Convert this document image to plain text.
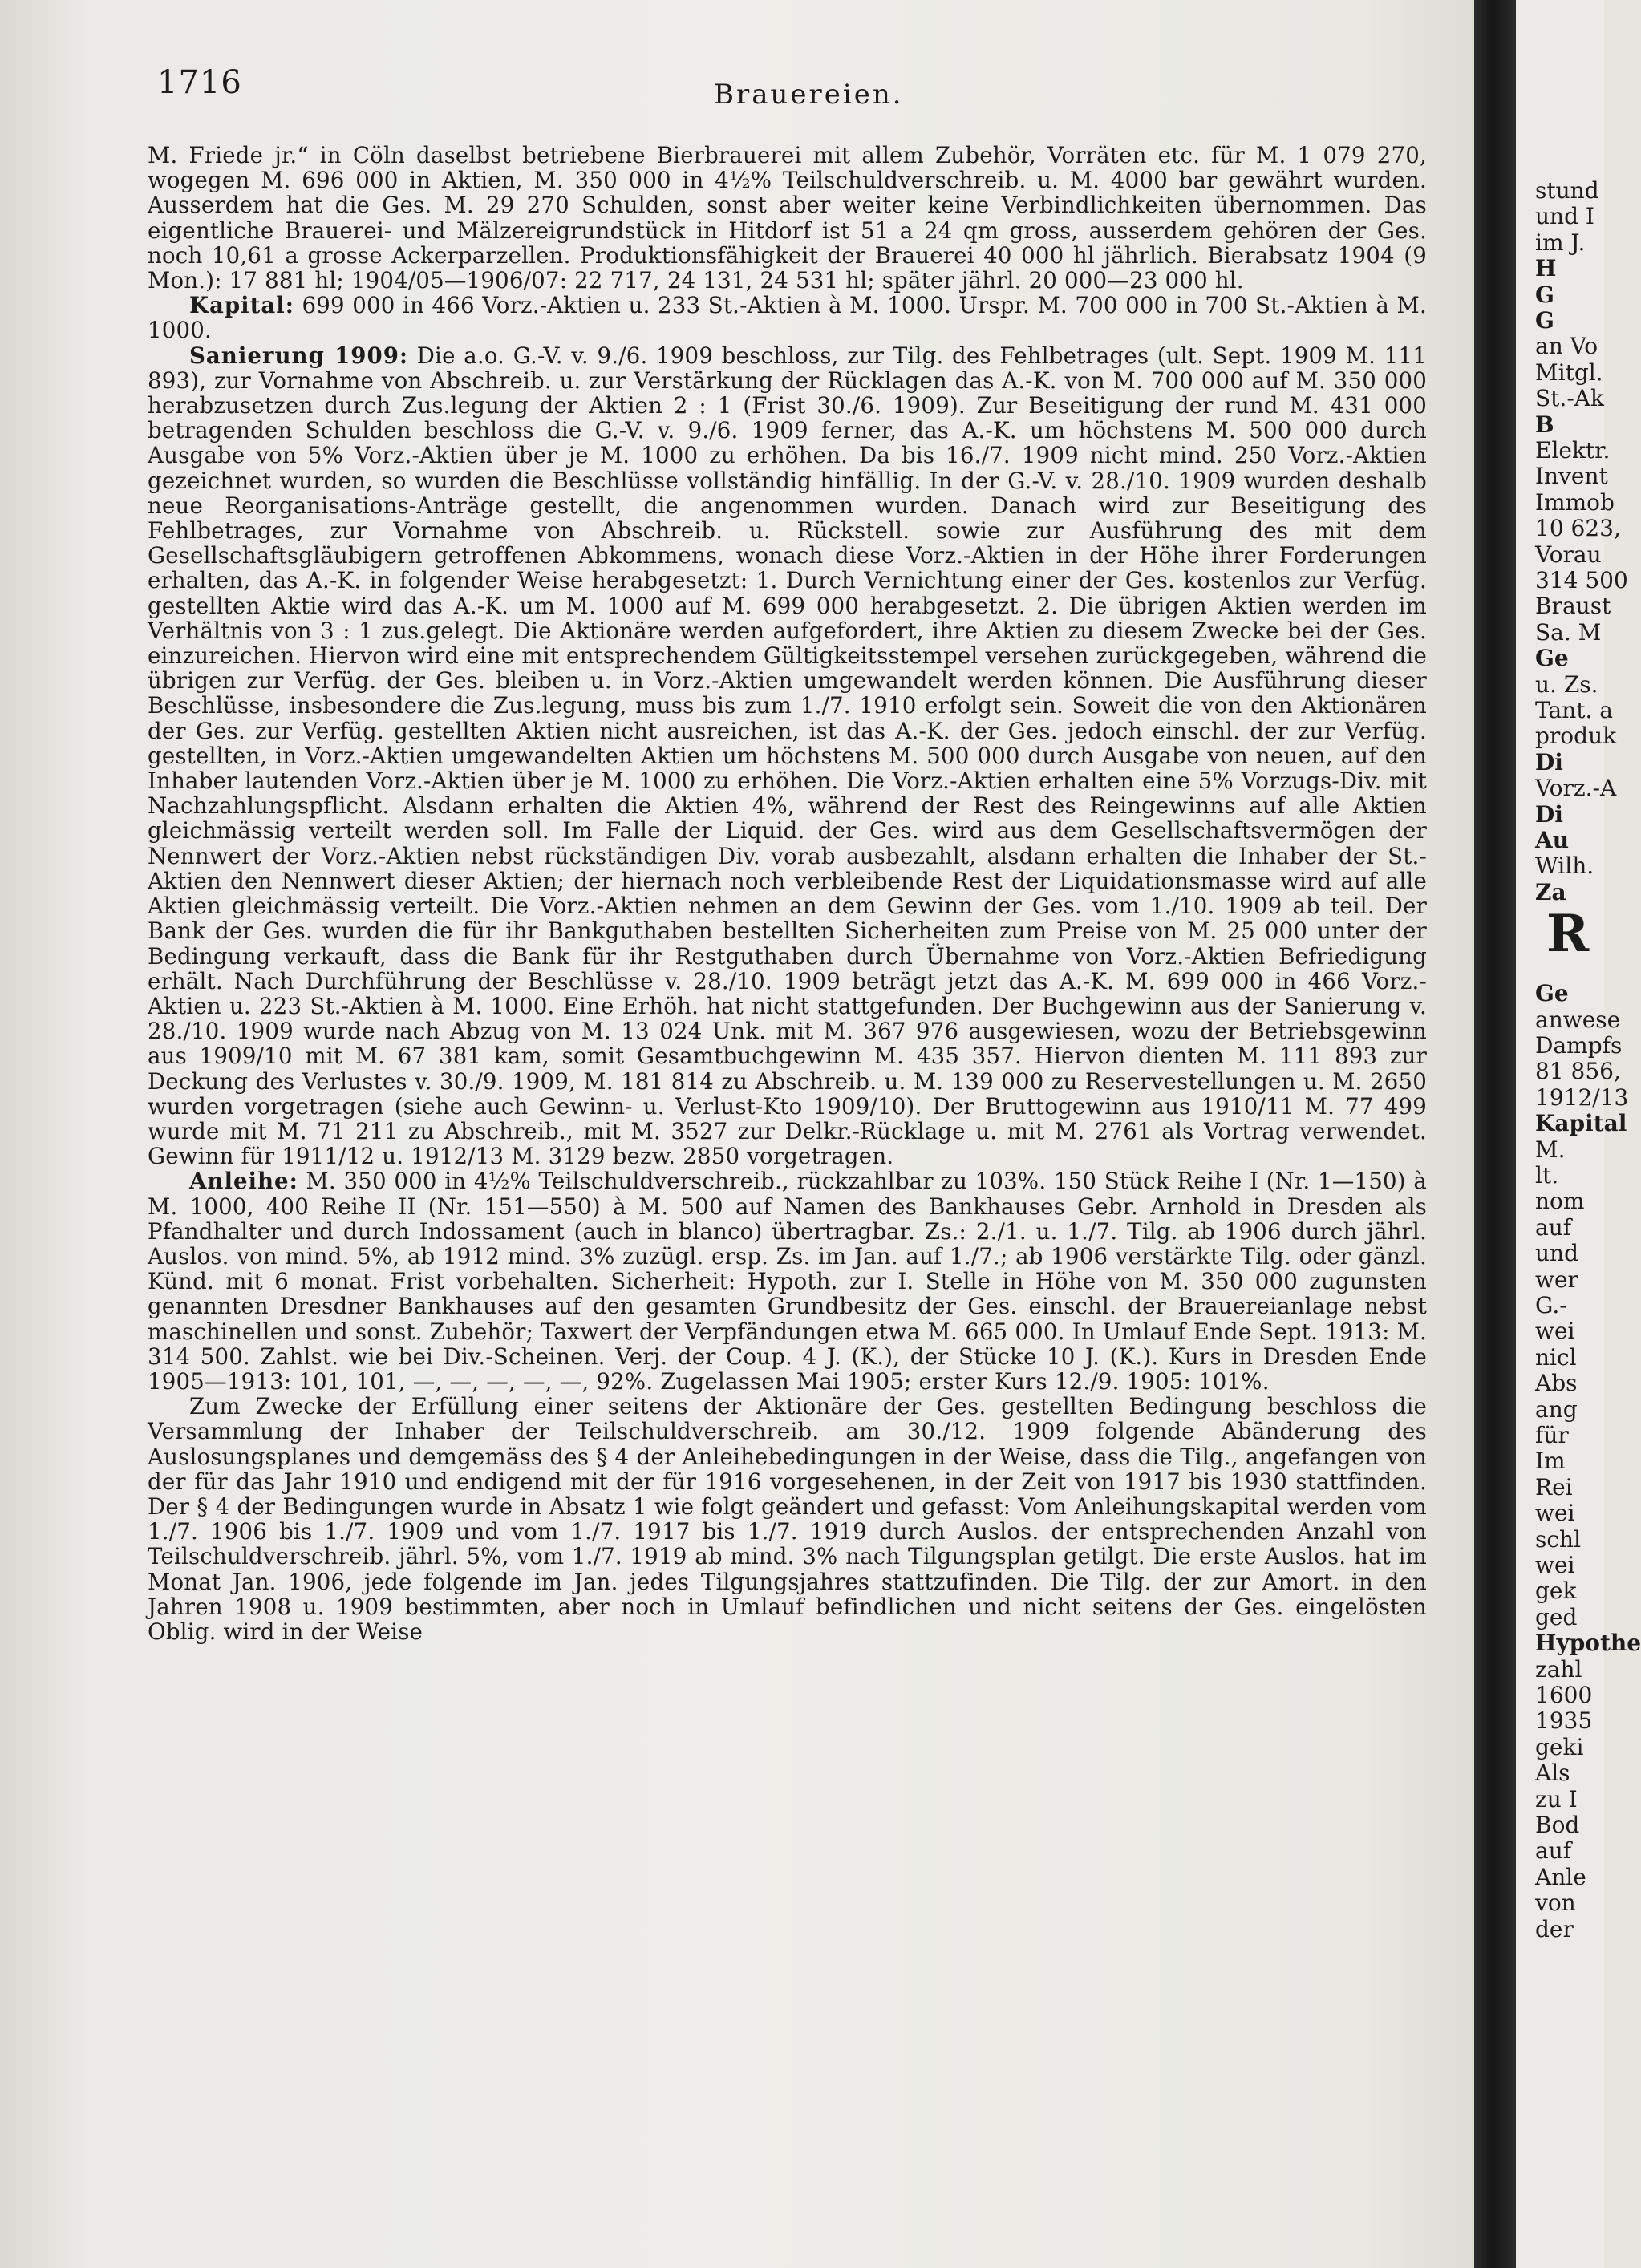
1716	Brauereien.

M. Friede jr.“ in Cöln daselbst betriebene Bierbrauerei mit allem Zubehör, Vorräten etc. für M. 1 079 270, wogegen M. 696 000 in Aktien, M. 350 000 in 4½% Teilschuldverschreib. u. M. 4000 bar gewährt wurden. Ausserdem hat die Ges. M. 29 270 Schulden, sonst aber weiter keine Verbindlichkeiten übernommen. Das eigentliche Brauerei- und Mälzereigrundstück in Hitdorf ist 51 a 24 qm gross, ausserdem gehören der Ges. noch 10,61 a grosse Ackerparzellen. Produktionsfähigkeit der Brauerei 40 000 hl jährlich. Bierabsatz 1904 (9 Mon.): 17 881 hl; 1904/05—1906/07: 22 717, 24 131, 24 531 hl; später jährl. 20 000—23 000 hl.

Kapital: 699 000 in 466 Vorz.-Aktien u. 233 St.-Aktien à M. 1000. Urspr. M. 700 000 in 700 St.-Aktien à M. 1000.

Sanierung 1909: Die a.o. G.-V. v. 9./6. 1909 beschloss, zur Tilg. des Fehlbetrages (ult. Sept. 1909 M. 111 893), zur Vornahme von Abschreib. u. zur Verstärkung der Rücklagen das A.-K. von M. 700 000 auf M. 350 000 herabzusetzen durch Zus.legung der Aktien 2 : 1 (Frist 30./6. 1909). Zur Beseitigung der rund M. 431 000 betragenden Schulden beschloss die G.-V. v. 9./6. 1909 ferner, das A.-K. um höchstens M. 500 000 durch Ausgabe von 5% Vorz.-Aktien über je M. 1000 zu erhöhen. Da bis 16./7. 1909 nicht mind. 250 Vorz.-Aktien gezeichnet wurden, so wurden die Beschlüsse vollständig hinfällig. In der G.-V. v. 28./10. 1909 wurden deshalb neue Reorganisations-Anträge gestellt, die angenommen wurden. Danach wird zur Beseitigung des Fehlbetrages, zur Vornahme von Abschreib. u. Rückstell. sowie zur Ausführung des mit dem Gesellschaftsgläubigern getroffenen Abkommens, wonach diese Vorz.-Aktien in der Höhe ihrer Forderungen erhalten, das A.-K. in folgender Weise herabgesetzt: 1. Durch Vernichtung einer der Ges. kostenlos zur Verfüg. gestellten Aktie wird das A.-K. um M. 1000 auf M. 699 000 herabgesetzt. 2. Die übrigen Aktien werden im Verhältnis von 3 : 1 zus.gelegt. Die Aktionäre werden aufgefordert, ihre Aktien zu diesem Zwecke bei der Ges. einzureichen. Hiervon wird eine mit entsprechendem Gültigkeitsstempel versehen zurückgegeben, während die übrigen zur Verfüg. der Ges. bleiben u. in Vorz.-Aktien umgewandelt werden können. Die Ausführung dieser Beschlüsse, insbesondere die Zus.legung, muss bis zum 1./7. 1910 erfolgt sein. Soweit die von den Aktionären der Ges. zur Verfüg. gestellten Aktien nicht ausreichen, ist das A.-K. der Ges. jedoch einschl. der zur Verfüg. gestellten, in Vorz.-Aktien umgewandelten Aktien um höchstens M. 500 000 durch Ausgabe von neuen, auf den Inhaber lautenden Vorz.-Aktien über je M. 1000 zu erhöhen. Die Vorz.-Aktien erhalten eine 5% Vorzugs-Div. mit Nachzahlungspflicht. Alsdann erhalten die Aktien 4%, während der Rest des Reingewinns auf alle Aktien gleichmässig verteilt werden soll. Im Falle der Liquid. der Ges. wird aus dem Gesellschaftsvermögen der Nennwert der Vorz.-Aktien nebst rückständigen Div. vorab ausbezahlt, alsdann erhalten die Inhaber der St.-Aktien den Nennwert dieser Aktien; der hiernach noch verbleibende Rest der Liquidationsmasse wird auf alle Aktien gleichmässig verteilt. Die Vorz.-Aktien nehmen an dem Gewinn der Ges. vom 1./10. 1909 ab teil. Der Bank der Ges. wurden die für ihr Bankguthaben bestellten Sicherheiten zum Preise von M. 25 000 unter der Bedingung verkauft, dass die Bank für ihr Restguthaben durch Übernahme von Vorz.-Aktien Befriedigung erhält. Nach Durchführung der Beschlüsse v. 28./10. 1909 beträgt jetzt das A.-K. M. 699 000 in 466 Vorz.-Aktien u. 223 St.-Aktien à M. 1000. Eine Erhöh. hat nicht stattgefunden. Der Buchgewinn aus der Sanierung v. 28./10. 1909 wurde nach Abzug von M. 13 024 Unk. mit M. 367 976 ausgewiesen, wozu der Betriebsgewinn aus 1909/10 mit M. 67 381 kam, somit Gesamtbuchgewinn M. 435 357. Hiervon dienten M. 111 893 zur Deckung des Verlustes v. 30./9. 1909, M. 181 814 zu Abschreib. u. M. 139 000 zu Reservestellungen u. M. 2650 wurden vorgetragen (siehe auch Gewinn- u. Verlust-Kto 1909/10). Der Bruttogewinn aus 1910/11 M. 77 499 wurde mit M. 71 211 zu Abschreib., mit M. 3527 zur Delkr.-Rücklage u. mit M. 2761 als Vortrag verwendet. Gewinn für 1911/12 u. 1912/13 M. 3129 bezw. 2850 vorgetragen.

Anleihe: M. 350 000 in 4½% Teilschuldverschreib., rückzahlbar zu 103%. 150 Stück Reihe I (Nr. 1—150) à M. 1000, 400 Reihe II (Nr. 151—550) à M. 500 auf Namen des Bankhauses Gebr. Arnhold in Dresden als Pfandhalter und durch Indossament (auch in blanco) übertragbar. Zs.: 2./1. u. 1./7. Tilg. ab 1906 durch jährl. Auslos. von mind. 5%, ab 1912 mind. 3% zuzügl. ersp. Zs. im Jan. auf 1./7.; ab 1906 verstärkte Tilg. oder gänzl. Künd. mit 6 monat. Frist vorbehalten. Sicherheit: Hypoth. zur I. Stelle in Höhe von M. 350 000 zugunsten genannten Dresdner Bankhauses auf den gesamten Grundbesitz der Ges. einschl. der Brauereianlage nebst maschinellen und sonst. Zubehör; Taxwert der Verpfändungen etwa M. 665 000. In Umlauf Ende Sept. 1913: M. 314 500. Zahlst. wie bei Div.-Scheinen. Verj. der Coup. 4 J. (K.), der Stücke 10 J. (K.). Kurs in Dresden Ende 1905—1913: 101, 101, —, —, —, —, —, 92%. Zugelassen Mai 1905; erster Kurs 12./9. 1905: 101%.

Zum Zwecke der Erfüllung einer seitens der Aktionäre der Ges. gestellten Bedingung beschloss die Versammlung der Inhaber der Teilschuldverschreib. am 30./12. 1909 folgende Abänderung des Auslosungsplanes und demgemäss des § 4 der Anleihebedingungen in der Weise, dass die Tilg., angefangen von der für das Jahr 1910 und endigend mit der für 1916 vorgesehenen, in der Zeit von 1917 bis 1930 stattfinden. Der § 4 der Bedingungen wurde in Absatz 1 wie folgt geändert und gefasst: Vom Anleihungskapital werden vom 1./7. 1906 bis 1./7. 1909 und vom 1./7. 1917 bis 1./7. 1919 durch Auslos. der entsprechenden Anzahl von Teilschuldverschreib. jährl. 5%, vom 1./7. 1919 ab mind. 3% nach Tilgungsplan getilgt. Die erste Auslos. hat im Monat Jan. 1906, jede folgende im Jan. jedes Tilgungsjahres stattzufinden. Die Tilg. der zur Amort. in den Jahren 1908 u. 1909 bestimmten, aber noch in Umlauf befindlichen und nicht seitens der Ges. eingelösten Oblig. wird in der Weise

stund
und I
im J.
H
G
G
an Vo
Mitgl.
St.-Ak
B
Elektr.
Invent
Immob
10 623,
Vorau
314 500
Braust
Sa. M
Ge
u. Zs.
Tant. a
produk
Di
Vorz.-A
Di
Au
Wilh.
Za
R
Ge
anwese
Dampfs
81 856,
1912/13
Kapital
M.
lt.
nom
auf
und
wer
G.-
wei
nicl
Abs
ang
für
Im
Rei
wei
schl
wei
gek
ged
Hypothe
zahl
1600
1935
geki
Als
zu I
Bod
auf
Anle
von
der
